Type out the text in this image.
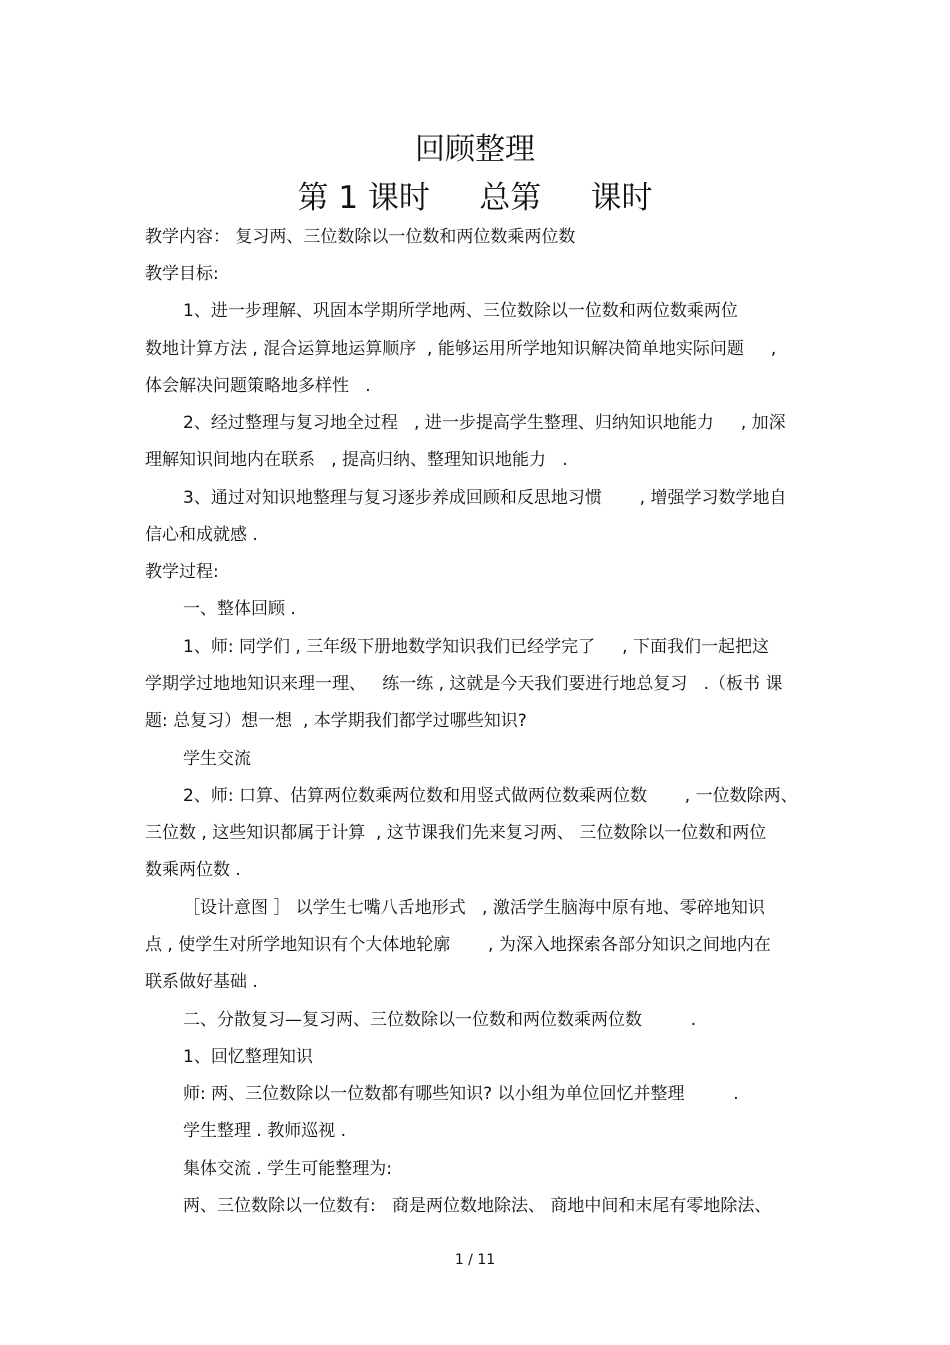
回顾整理
第 1 课时     总第     课时

教学内容： 复习两、三位数除以一位数和两位数乘两位数

教学目标:

1、进一步理解、巩固本学期所学地两、三位数除以一位数和两位数乘两位

数地计算方法 , 混合运算地运算顺序  , 能够运用所学地知识解决简单地实际问题     ,

体会解决问题策略地多样性   .

2、经过整理与复习地全过程   , 进一步提高学生整理、归纳知识地能力     , 加深

理解知识间地内在联系   , 提高归纳、整理知识地能力   .

3、通过对知识地整理与复习逐步养成回顾和反思地习惯       , 增强学习数学地自

信心和成就感 .

教学过程:

一、整体回顾 .

1、师: 同学们 , 三年级下册地数学知识我们已经学完了     , 下面我们一起把这

学期学过地地知识来理一理、   练一练 , 这就是今天我们要进行地总复习   .（板书 课

题: 总复习）想一想  , 本学期我们都学过哪些知识?

学生交流

2、师: 口算、估算两位数乘两位数和用竖式做两位数乘两位数       , 一位数除两、

三位数 , 这些知识都属于计算  , 这节课我们先来复习两、 三位数除以一位数和两位

数乘两位数 .

［设计意图 ］ 以学生七嘴八舌地形式   , 激活学生脑海中原有地、零碎地知识

点 , 使学生对所学地知识有个大体地轮廓       , 为深入地探索各部分知识之间地内在

联系做好基础 .

二、分散复习—复习两、三位数除以一位数和两位数乘两位数         .

1、回忆整理知识

师: 两、三位数除以一位数都有哪些知识? 以小组为单位回忆并整理         .

学生整理 . 教师巡视 .

集体交流 . 学生可能整理为:

两、三位数除以一位数有:   商是两位数地除法、 商地中间和末尾有零地除法、

1 / 11
